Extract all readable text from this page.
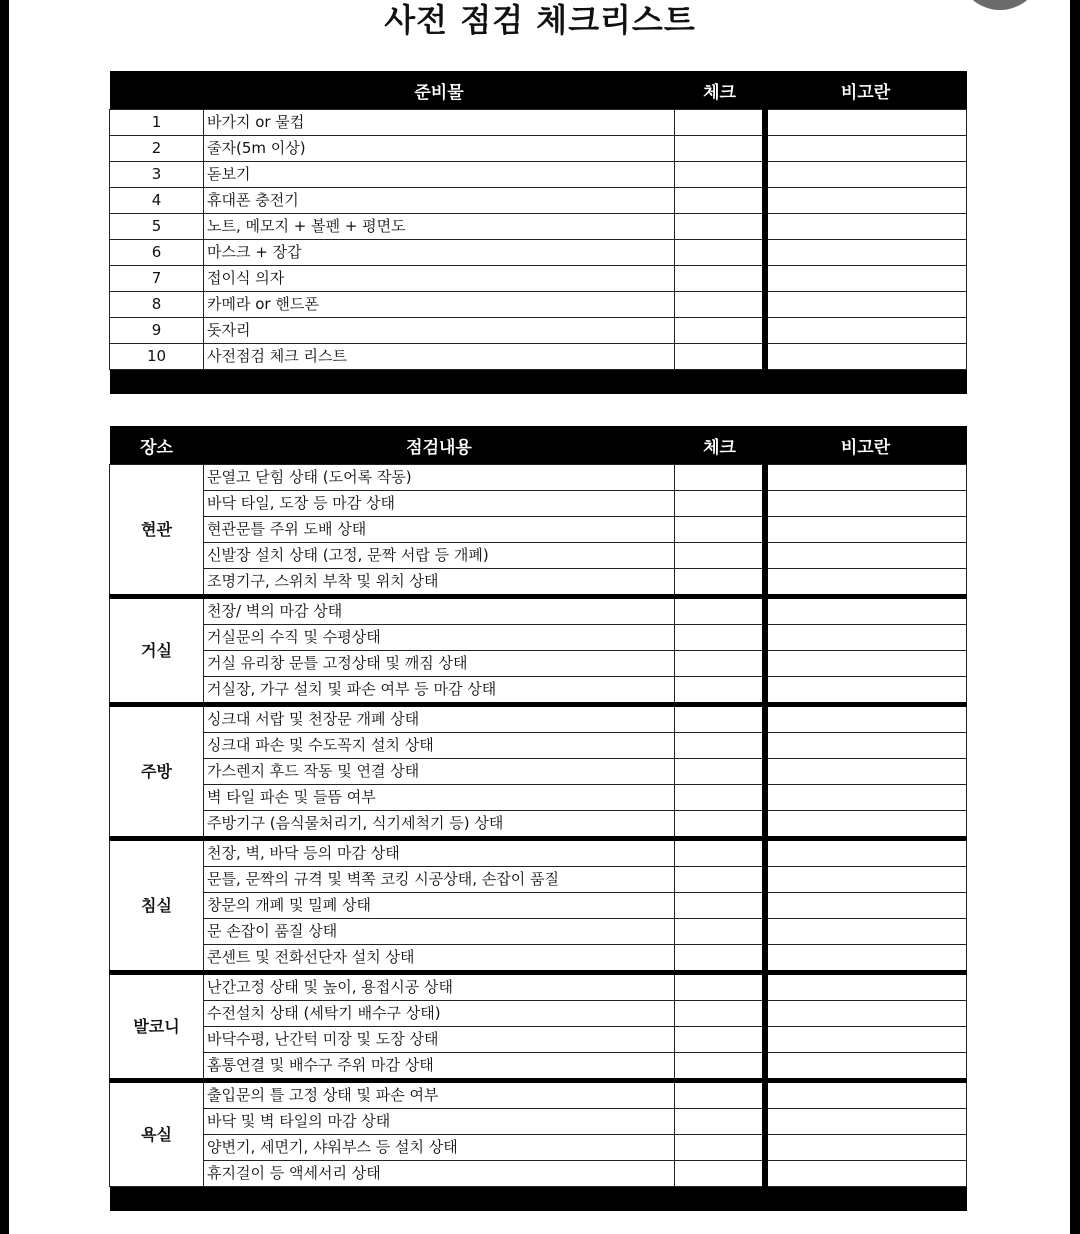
사전 점검 체크리스트
	준비물	체크	비고란
1	바가지 or 물컵		
2	줄자(5m 이상)		
3	돋보기		
4	휴대폰 충전기		
5	노트, 메모지 + 볼펜 + 평면도		
6	마스크 + 장갑		
7	접이식 의자		
8	카메라 or 핸드폰		
9	돗자리		
10	사전점검 체크 리스트		

장소	점검내용	체크	비고란
현관	문열고 닫힘 상태 (도어록 작동)		
	바닥 타일, 도장 등 마감 상태		
	현관문틀 주위 도배 상태		
	신발장 설치 상태 (고정, 문짝 서랍 등 개폐)		
	조명기구, 스위치 부착 및 위치 상태		
거실	천장/ 벽의 마감 상태		
	거실문의 수직 및 수평상태		
	거실 유리창 문틀 고정상태 및 깨짐 상태		
	거실장, 가구 설치 및 파손 여부 등 마감 상태		
주방	싱크대 서랍 및 천장문 개폐 상태		
	싱크대 파손 및 수도꼭지 설치 상태		
	가스렌지 후드 작동 및 연결 상태		
	벽 타일 파손 및 들뜸 여부		
	주방기구 (음식물처리기, 식기세척기 등) 상태		
침실	천장, 벽, 바닥 등의 마감 상태		
	문틀, 문짝의 규격 및 벽쪽 코킹 시공상태, 손잡이 품질		
	창문의 개폐 및 밀폐 상태		
	문 손잡이 품질 상태		
	콘센트 및 전화선단자 설치 상태		
발코니	난간고정 상태 및 높이, 용접시공 상태		
	수전설치 상태 (세탁기 배수구 상태)		
	바닥수평, 난간턱 미장 및 도장 상태		
	홈통연결 및 배수구 주위 마감 상태		
욕실	출입문의 틀 고정 상태 및 파손 여부		
	바닥 및 벽 타일의 마감 상태		
	양변기, 세면기, 샤워부스 등 설치 상태		
	휴지걸이 등 액세서리 상태		
